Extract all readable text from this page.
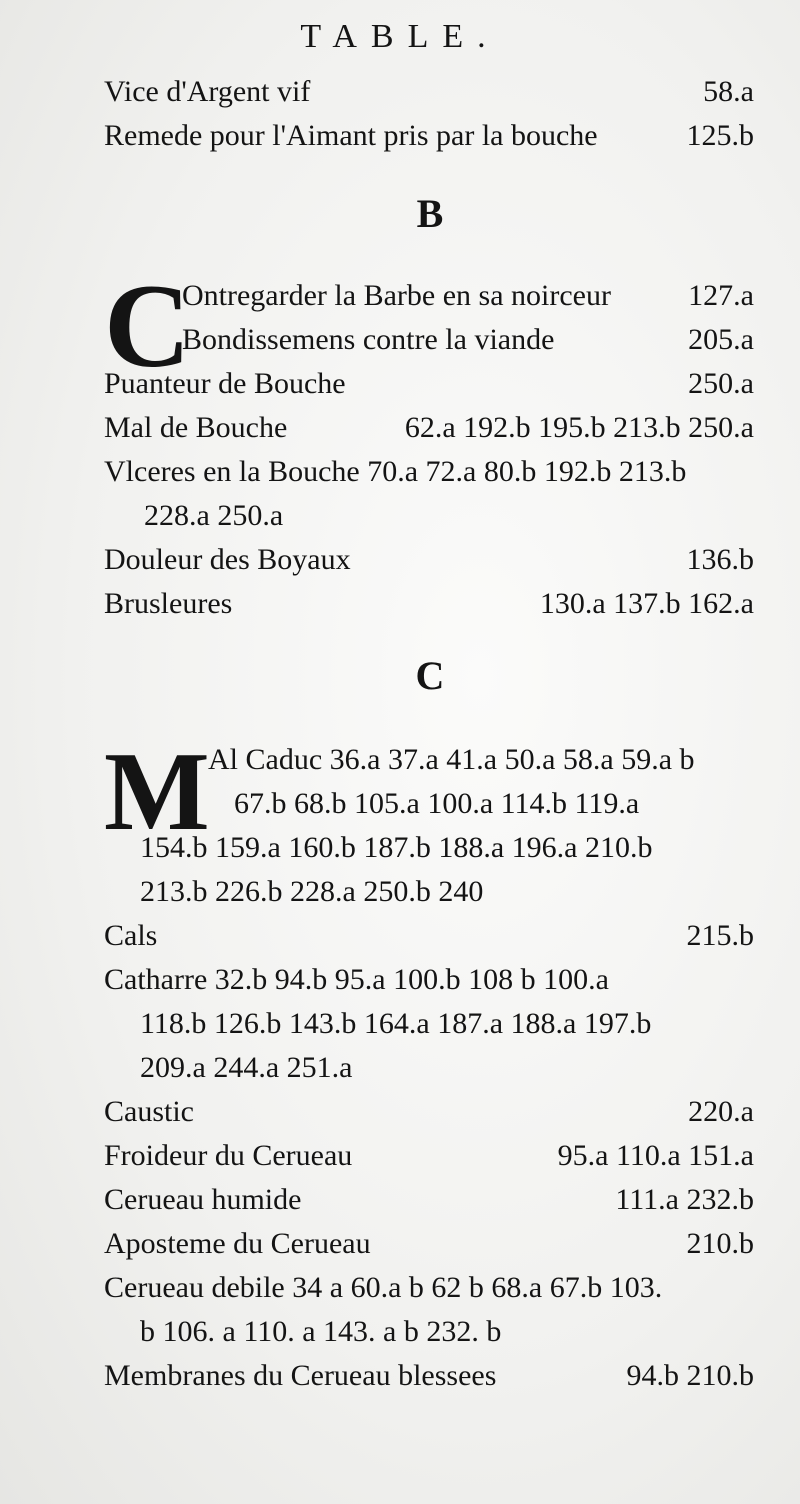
TABLE.
Vice d'Argent vif	58.a
Remede pour l'Aimant pris par la bouche	125.b
B
C
Ontregarder la Barbe en sa noirceur	127.a
Bondissemens contre la viande	205.a
Puanteur de Bouche	250.a
Mal de Bouche	62.a 192.b 195.b 213.b 250.a
Vlceres en la Bouche 70.a 72.a 80.b 192.b 213.b
228.a 250.a
Douleur des Boyaux	136.b
Brusleures	130.a 137.b 162.a
C
M
Al Caduc 36.a 37.a 41.a 50.a 58.a 59.a b
67.b 68.b 105.a 100.a 114.b 119.a
154.b 159.a 160.b 187.b 188.a 196.a 210.b
213.b 226.b 228.a 250.b 240
Cals	215.b
Catharre 32.b 94.b 95.a 100.b 108 b 100.a
118.b 126.b 143.b 164.a 187.a 188.a 197.b
209.a 244.a 251.a
Caustic	220.a
Froideur du Cerueau	95.a 110.a 151.a
Cerueau humide	111.a 232.b
Aposteme du Cerueau	210.b
Cerueau debile 34 a 60.a b 62 b 68.a 67.b 103.
b 106. a 110. a 143. a b 232. b
Membranes du Cerueau blessees	94.b 210.b
